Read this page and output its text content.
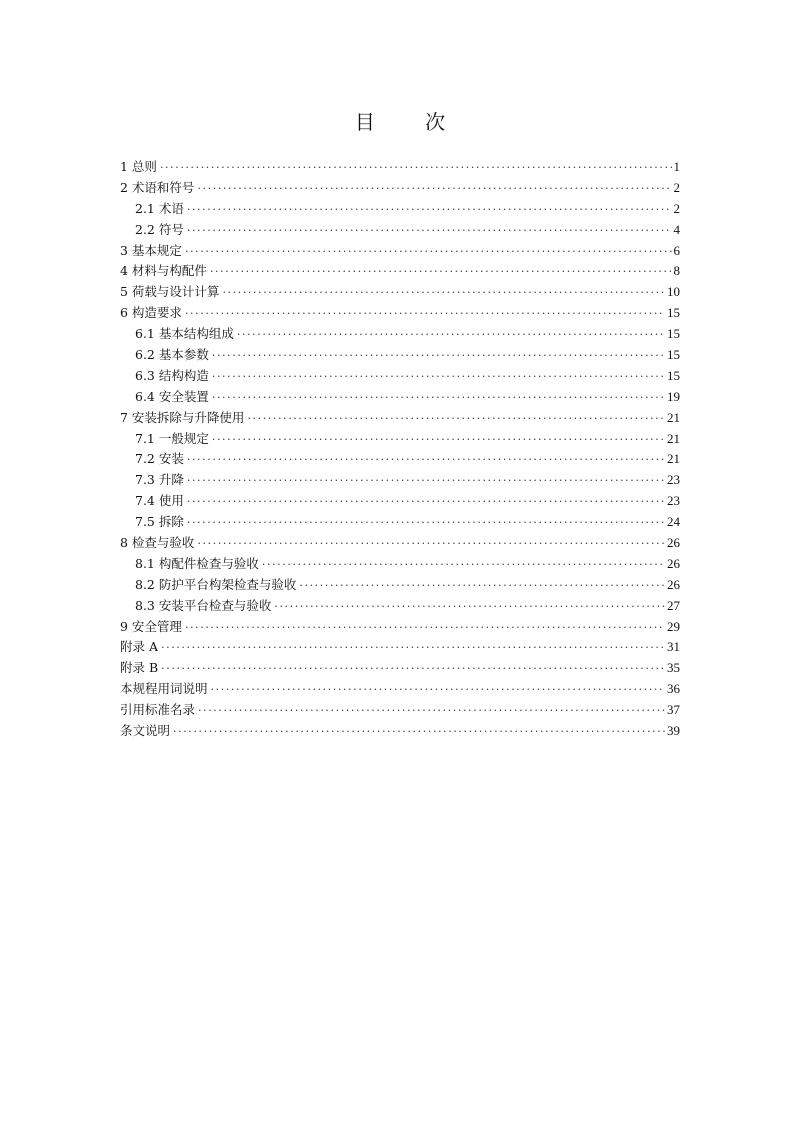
目 次
1 总则 ·····	1
2 术语和符号 ·····	2
2.1 术语 ·····	2
2.2 符号 ·····	4
3 基本规定 ·····	6
4 材料与构配件 ·····	8
5 荷载与设计计算 ·····	10
6 构造要求 ·····	15
6.1 基本结构组成 ·····	15
6.2 基本参数 ·····	15
6.3 结构构造 ·····	15
6.4 安全装置 ·····	19
7 安装拆除与升降使用 ·····	21
7.1 一般规定 ·····	21
7.2 安装 ·····	21
7.3 升降 ·····	23
7.4 使用 ·····	23
7.5 拆除 ·····	24
8 检查与验收 ·····	26
8.1 构配件检查与验收 ·····	26
8.2 防护平台构架检查与验收 ·····	26
8.3 安装平台检查与验收 ·····	27
9 安全管理 ·····	29
附录 A ·····	31
附录 B ·····	35
本规程用词说明 ·····	36
引用标准名录 ·····	37
条文说明 ·····	39
